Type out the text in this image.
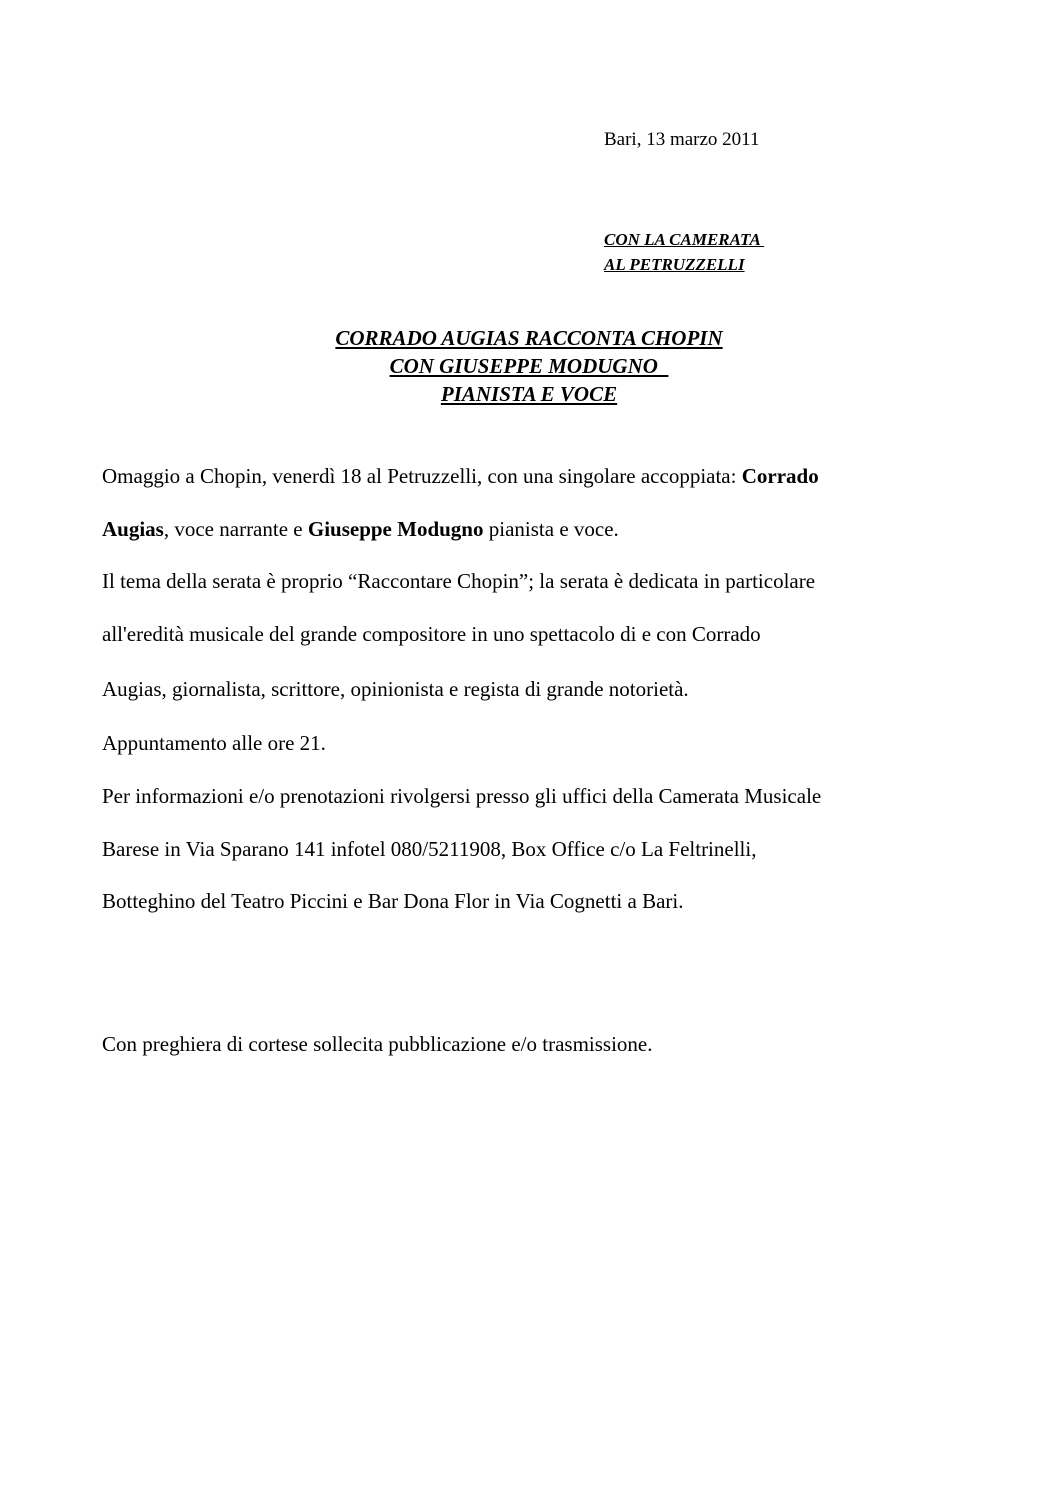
Bari, 13 marzo 2011
CON LA CAMERATA
AL PETRUZZELLI
CORRADO AUGIAS RACCONTA CHOPIN
CON GIUSEPPE MODUGNO
PIANISTA E VOCE
Omaggio a Chopin, venerdì 18 al Petruzzelli, con una singolare accoppiata: Corrado
Augias, voce narrante e Giuseppe Modugno pianista e voce.
Il tema della serata è proprio “Raccontare Chopin”; la serata è dedicata in particolare
all'eredità musicale del grande compositore in uno spettacolo di e con Corrado
Augias, giornalista, scrittore, opinionista e regista di grande notorietà.
Appuntamento alle ore 21.
Per informazioni e/o prenotazioni rivolgersi presso gli uffici della Camerata Musicale
Barese in Via Sparano 141 infotel 080/5211908, Box Office c/o La Feltrinelli,
Botteghino del Teatro Piccini e Bar Dona Flor in Via Cognetti a Bari.
Con preghiera di cortese sollecita pubblicazione e/o trasmissione.
